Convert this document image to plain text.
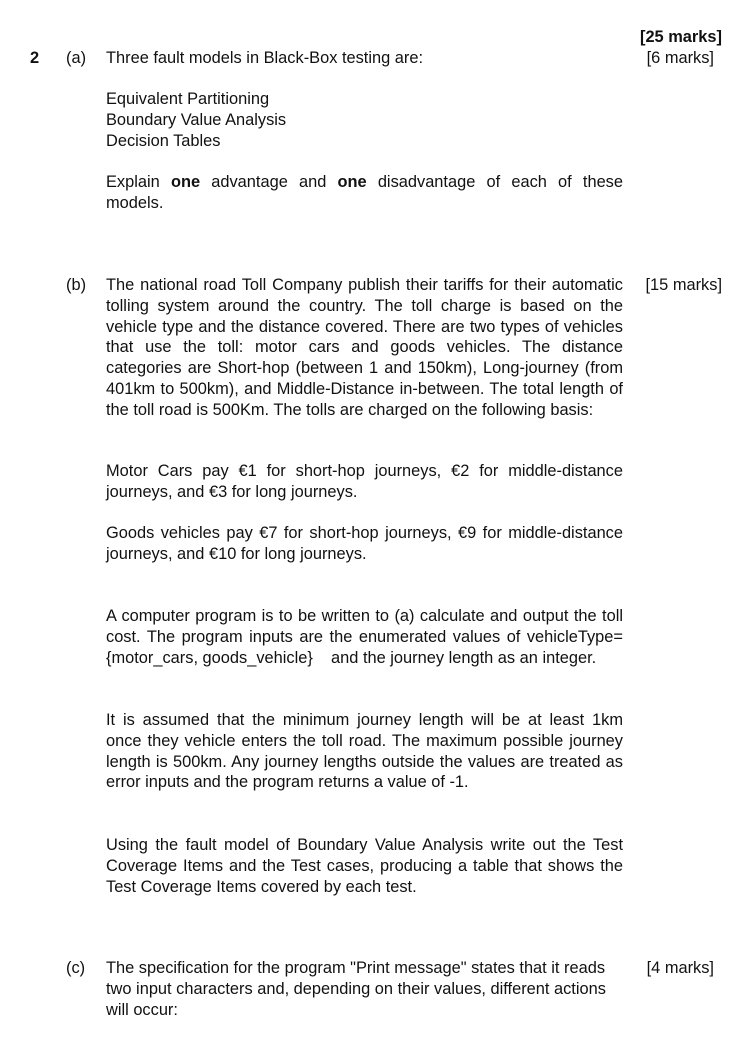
[25 marks]
2 (a) Three fault models in Black-Box testing are:	[6 marks]
Equivalent Partitioning
Boundary Value Analysis
Decision Tables
Explain one advantage and one disadvantage of each of these models.
(b)	[15 marks]
The national road Toll Company publish their tariffs for their automatic tolling system around the country. The toll charge is based on the vehicle type and the distance covered. There are two types of vehicles that use the toll: motor cars and goods vehicles. The distance categories are Short-hop (between 1 and 150km), Long-journey (from 401km to 500km), and Middle-Distance in-between. The total length of the toll road is 500Km. The tolls are charged on the following basis:
Motor Cars pay €1 for short-hop journeys, €2 for middle-distance journeys, and €3 for long journeys.
Goods vehicles pay €7 for short-hop journeys, €9 for middle-distance journeys, and €10 for long journeys.
A computer program is to be written to (a) calculate and output the toll cost. The program inputs are the enumerated values of vehicleType={motor_cars, goods_vehicle}    and the journey length as an integer.
It is assumed that the minimum journey length will be at least 1km once they vehicle enters the toll road. The maximum possible journey length is 500km. Any journey lengths outside the values are treated as error inputs and the program returns a value of -1.
Using the fault model of Boundary Value Analysis write out the Test Coverage Items and the Test cases, producing a table that shows the Test Coverage Items covered by each test.
(c)	[4 marks]
The specification for the program "Print message" states that it reads two input characters and, depending on their values, different actions will occur:
